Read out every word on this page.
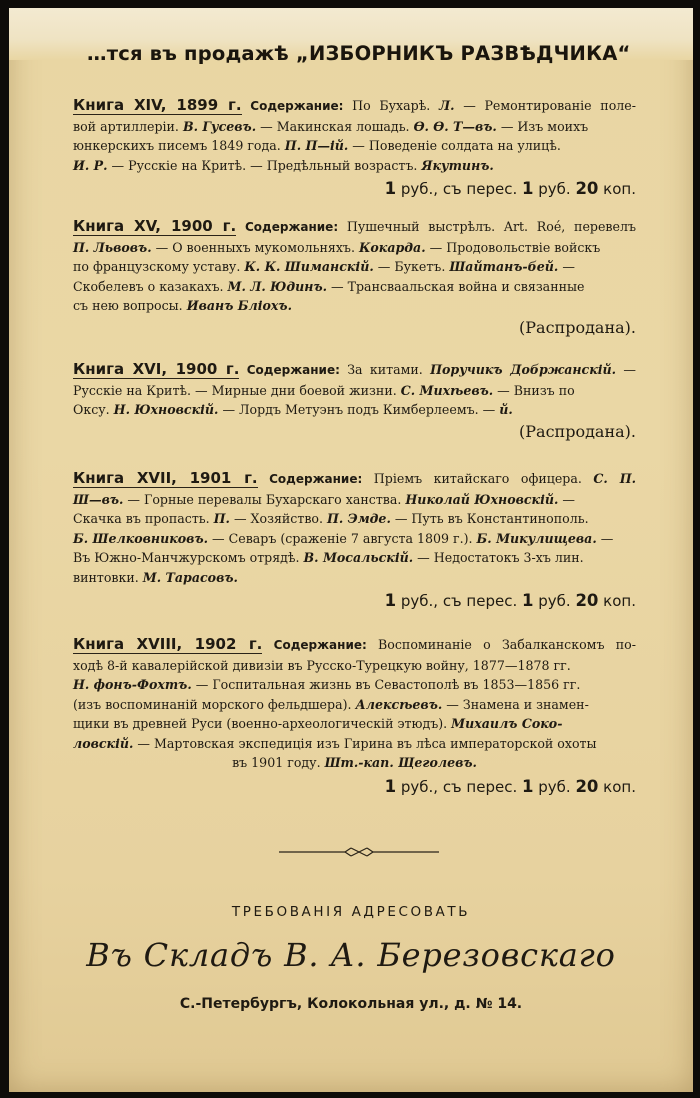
…тся въ продажѣ „ИЗБОРНИКЪ РАЗВѢДЧИКА“

Книга XIV, 1899 г. Содержание: По Бухарѣ. Л. — Ремонтированіе поле-

вой артиллеріи. В. Гусевъ. — Макинская лошадь. Ѳ. Ѳ. Т—въ. — Изъ моихъ

юнкерскихъ писемъ 1849 года. П. П—ій. — Поведеніе солдата на улицѣ.

И. Р. — Русскіе на Критѣ. — Предѣльный возрастъ. Якутинъ.

1 руб., съ перес. 1 руб. 20 коп.

Книга XV, 1900 г. Содержание: Пушечный выстрѣлъ. Art. Roé, перевелъ

П. Львовъ. — О военныхъ мукомольняхъ. Кокарда. — Продовольствіе войскъ

по французскому уставу. К. К. Шиманскій. — Букетъ. Шайтанъ-бей. —

Скобелевъ о казакахъ. М. Л. Юдинъ. — Трансваальская война и связанные

съ нею вопросы. Иванъ Бліохъ.

(Распродана).

Книга XVI, 1900 г. Содержание: За китами. Поручикъ Добржанскій. —

Русскіе на Критѣ. — Мирные дни боевой жизни. С. Михѣевъ. — Внизъ по

Оксу. Н. Юхновскій. — Лордъ Метуэнъ подъ Кимберлеемъ. — й.

(Распродана).

Книга XVII, 1901 г. Содержание: Пріемъ китайскаго офицера. С. П.

Ш—въ. — Горные перевалы Бухарскаго ханства. Николай Юхновскій. —

Скачка въ пропасть. П. — Хозяйство. П. Эмде. — Путь въ Константинополь.

Б. Шелковниковъ. — Севаръ (сраженіе 7 августа 1809 г.). Б. Микулищева. —

Въ Южно-Манчжурскомъ отрядѣ. В. Мосальскій. — Недостатокъ 3-хъ лин.

винтовки. М. Тарасовъ.

1 руб., съ перес. 1 руб. 20 коп.

Книга XVIII, 1902 г. Содержание: Воспоминаніе о Забалканскомъ по-

ходѣ 8-й кавалерійской дивизіи въ Русско-Турецкую войну, 1877—1878 гг.

Н. фонъ-Фохтъ. — Госпитальная жизнь въ Севастополѣ въ 1853—1856 гг.

(изъ воспоминаній морского фельдшера). Алексѣевъ. — Знамена и знамен-

щики въ древней Руси (военно-археологическій этюдъ). Михаилъ Соко-

ловскій. — Мартовская экспедиція изъ Гирина въ лѣса императорской охоты

въ 1901 году. Шт.-кап. Щеголевъ.

1 руб., съ перес. 1 руб. 20 коп.
ТРЕБОВАНІЯ АДРЕСОВАТЬ
Въ Складъ В. А. Березовскаго
С.-Петербургъ, Колокольная ул., д. № 14.
